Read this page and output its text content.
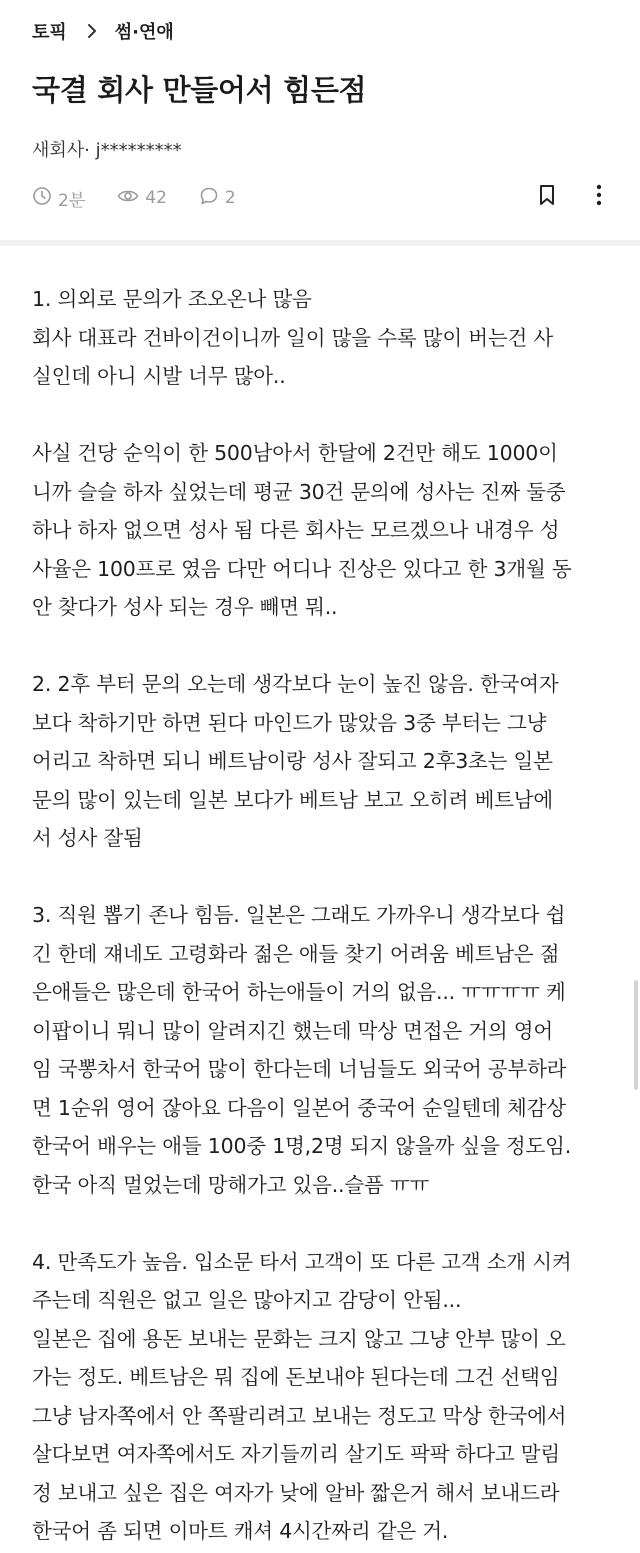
토픽	썸·연애
국결 회사 만들어서 힘든점
새회사· j*********
2분	42	2
1. 의외로 문의가 조오온나 많음
회사 대표라 건바이건이니까 일이 많을 수록 많이 버는건 사
실인데 아니 시발 너무 많아..
사실 건당 순익이 한 500남아서 한달에 2건만 해도 1000이
니까 슬슬 하자 싶었는데 평균 30건 문의에 성사는 진짜 둘중
하나 하자 없으면 성사 됨 다른 회사는 모르겠으나 내경우 성
사율은 100프로 였음 다만 어디나 진상은 있다고 한 3개월 동
안 찾다가 성사 되는 경우 빼면 뭐..
2. 2후 부터 문의 오는데 생각보다 눈이 높진 않음. 한국여자
보다 착하기만 하면 된다 마인드가 많았음 3중 부터는 그냥
어리고 착하면 되니 베트남이랑 성사 잘되고 2후3초는 일본
문의 많이 있는데 일본 보다가 베트남 보고 오히려 베트남에
서 성사 잘됨
3. 직원 뽑기 존나 힘듬. 일본은 그래도 가까우니 생각보다 쉽
긴 한데 쟤네도 고령화라 젊은 애들 찾기 어려움 베트남은 젊
은애들은 많은데 한국어 하는애들이 거의 없음... ㅠㅠㅠㅠ 케
이팝이니 뭐니 많이 알려지긴 했는데 막상 면접은 거의 영어
임 국뽕차서 한국어 많이 한다는데 너님들도 외국어 공부하라
면 1순위 영어 잖아요 다음이 일본어 중국어 순일텐데 체감상
한국어 배우는 애들 100중 1명,2명 되지 않을까 싶을 정도임.
한국 아직 멀었는데 망해가고 있음..슬픔 ㅠㅠ
4. 만족도가 높음. 입소문 타서 고객이 또 다른 고객 소개 시켜
주는데 직원은 없고 일은 많아지고 감당이 안됨...
일본은 집에 용돈 보내는 문화는 크지 않고 그냥 안부 많이 오
가는 정도. 베트남은 뭐 집에 돈보내야 된다는데 그건 선택임
그냥 남자쪽에서 안 쪽팔리려고 보내는 정도고 막상 한국에서
살다보면 여자쪽에서도 자기들끼리 살기도 팍팍 하다고 말림
정 보내고 싶은 집은 여자가 낮에 알바 짧은거 해서 보내드라
한국어 좀 되면 이마트 캐셔 4시간짜리 같은 거.
